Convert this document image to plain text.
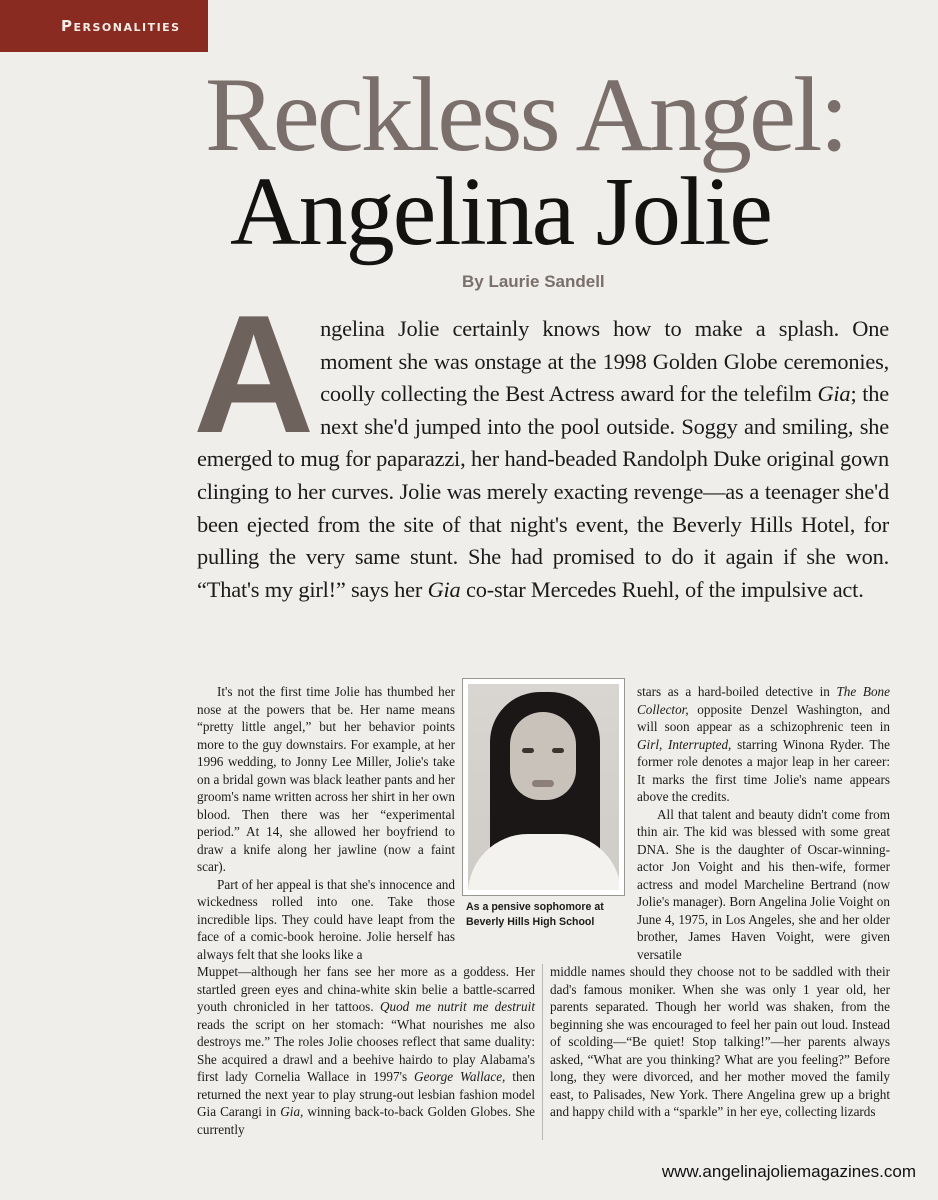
Personalities
Reckless Angel:
Angelina Jolie
By Laurie Sandell
Angelina Jolie certainly knows how to make a splash. One moment she was onstage at the 1998 Golden Globe ceremonies, coolly collecting the Best Actress award for the telefilm Gia; the next she'd jumped into the pool outside. Soggy and smiling, she emerged to mug for paparazzi, her hand-beaded Randolph Duke original gown clinging to her curves. Jolie was merely exacting revenge—as a teenager she'd been ejected from the site of that night's event, the Beverly Hills Hotel, for pulling the very same stunt. She had promised to do it again if she won. “That's my girl!” says her Gia co-star Mercedes Ruehl, of the impulsive act.

It's not the first time Jolie has thumbed her nose at the powers that be. Her name means “pretty little angel,” but her behavior points more to the guy downstairs. For example, at her 1996 wedding, to Jonny Lee Miller, Jolie's take on a bridal gown was black leather pants and her groom's name written across her shirt in her own blood. Then there was her “experimental period.” At 14, she allowed her boyfriend to draw a knife along her jawline (now a faint scar).

Part of her appeal is that she's innocence and wickedness rolled into one. Take those incredible lips. They could have leapt from the face of a comic-book heroine. Jolie herself has always felt that she looks like a

Muppet—although her fans see her more as a goddess. Her startled green eyes and china-white skin belie a battle-scarred youth chronicled in her tattoos. Quod me nutrit me destruit reads the script on her stomach: “What nourishes me also destroys me.” The roles Jolie chooses reflect that same duality: She acquired a drawl and a beehive hairdo to play Alabama's first lady Cornelia Wallace in 1997's George Wallace, then returned the next year to play strung-out lesbian fashion model Gia Carangi in Gia, winning back-to-back Golden Globes. She currently

As a pensive sophomore at Beverly Hills High School

stars as a hard-boiled detective in The Bone Collector, opposite Denzel Washington, and will soon appear as a schizophrenic teen in Girl, Interrupted, starring Winona Ryder. The former role denotes a major leap in her career: It marks the first time Jolie's name appears above the credits.

All that talent and beauty didn't come from thin air. The kid was blessed with some great DNA. She is the daughter of Oscar-winning-actor Jon Voight and his then-wife, former actress and model Marcheline Bertrand (now Jolie's manager). Born Angelina Jolie Voight on June 4, 1975, in Los Angeles, she and her older brother, James Haven Voight, were given versatile

middle names should they choose not to be saddled with their dad's famous moniker. When she was only 1 year old, her parents separated. Though her world was shaken, from the beginning she was encouraged to feel her pain out loud. Instead of scolding—“Be quiet! Stop talking!”—her parents always asked, “What are you thinking? What are you feeling?” Before long, they were divorced, and her mother moved the family east, to Palisades, New York. There Angelina grew up a bright and happy child with a “sparkle” in her eye, collecting lizards
www.angelinajoliemagazines.com
